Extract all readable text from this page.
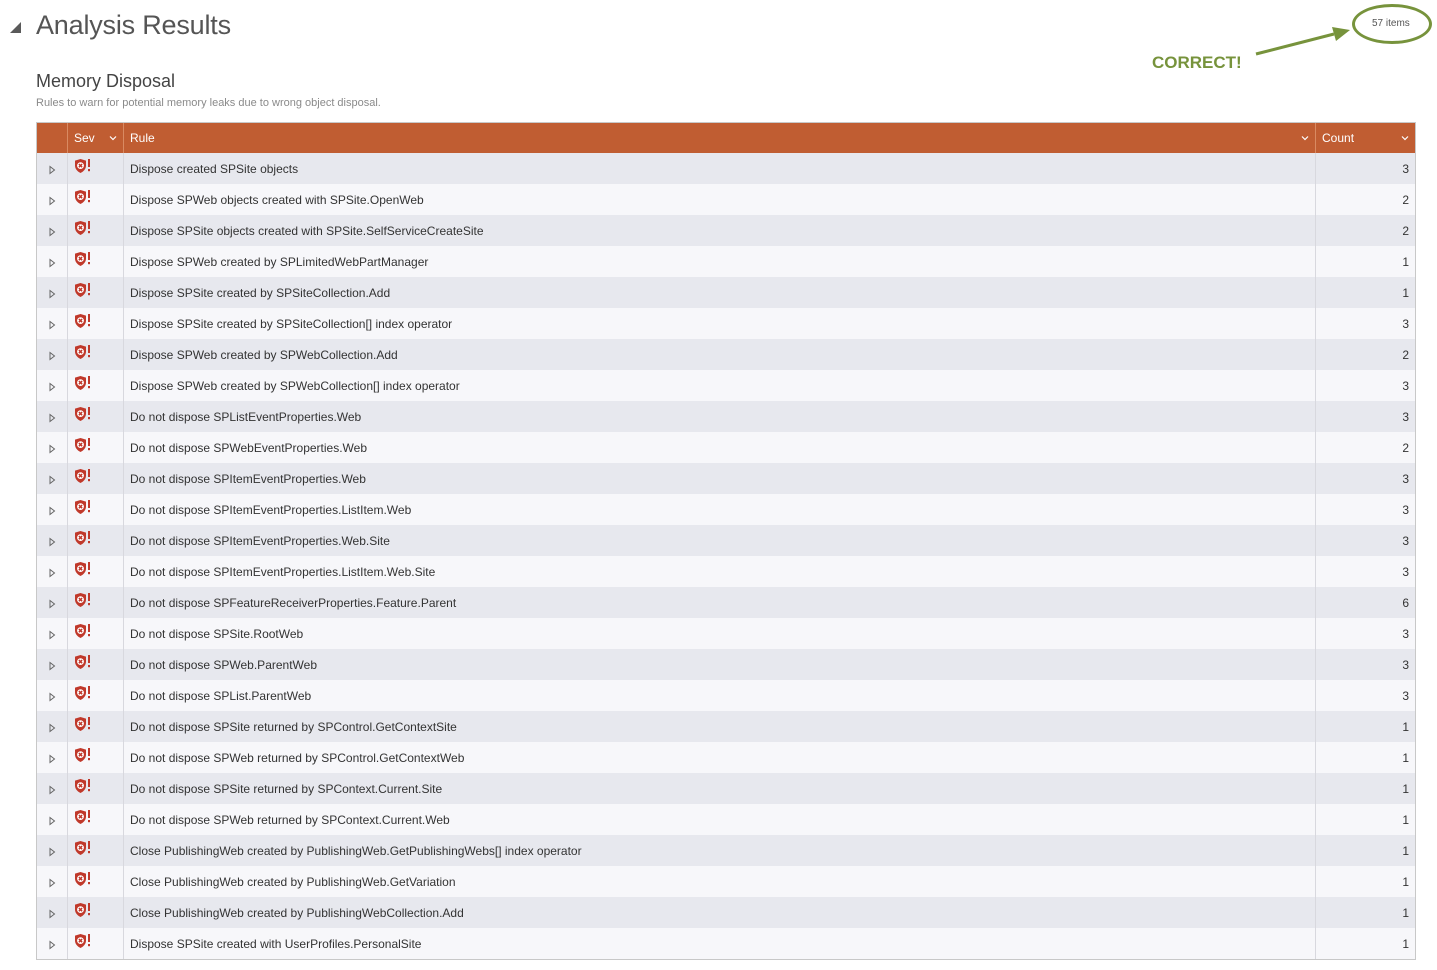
Analysis Results	57 items
CORRECT!
Memory Disposal
Rules to warn for potential memory leaks due to wrong object disposal.
Sev	Rule	Count
Dispose created SPSite objects	3
Dispose SPWeb objects created with SPSite.OpenWeb	2
Dispose SPSite objects created with SPSite.SelfServiceCreateSite	2
Dispose SPWeb created by SPLimitedWebPartManager	1
Dispose SPSite created by SPSiteCollection.Add	1
Dispose SPSite created by SPSiteCollection[] index operator	3
Dispose SPWeb created by SPWebCollection.Add	2
Dispose SPWeb created by SPWebCollection[] index operator	3
Do not dispose SPListEventProperties.Web	3
Do not dispose SPWebEventProperties.Web	2
Do not dispose SPItemEventProperties.Web	3
Do not dispose SPItemEventProperties.ListItem.Web	3
Do not dispose SPItemEventProperties.Web.Site	3
Do not dispose SPItemEventProperties.ListItem.Web.Site	3
Do not dispose SPFeatureReceiverProperties.Feature.Parent	6
Do not dispose SPSite.RootWeb	3
Do not dispose SPWeb.ParentWeb	3
Do not dispose SPList.ParentWeb	3
Do not dispose SPSite returned by SPControl.GetContextSite	1
Do not dispose SPWeb returned by SPControl.GetContextWeb	1
Do not dispose SPSite returned by SPContext.Current.Site	1
Do not dispose SPWeb returned by SPContext.Current.Web	1
Close PublishingWeb created by PublishingWeb.GetPublishingWebs[] index operator	1
Close PublishingWeb created by PublishingWeb.GetVariation	1
Close PublishingWeb created by PublishingWebCollection.Add	1
Dispose SPSite created with UserProfiles.PersonalSite	1
